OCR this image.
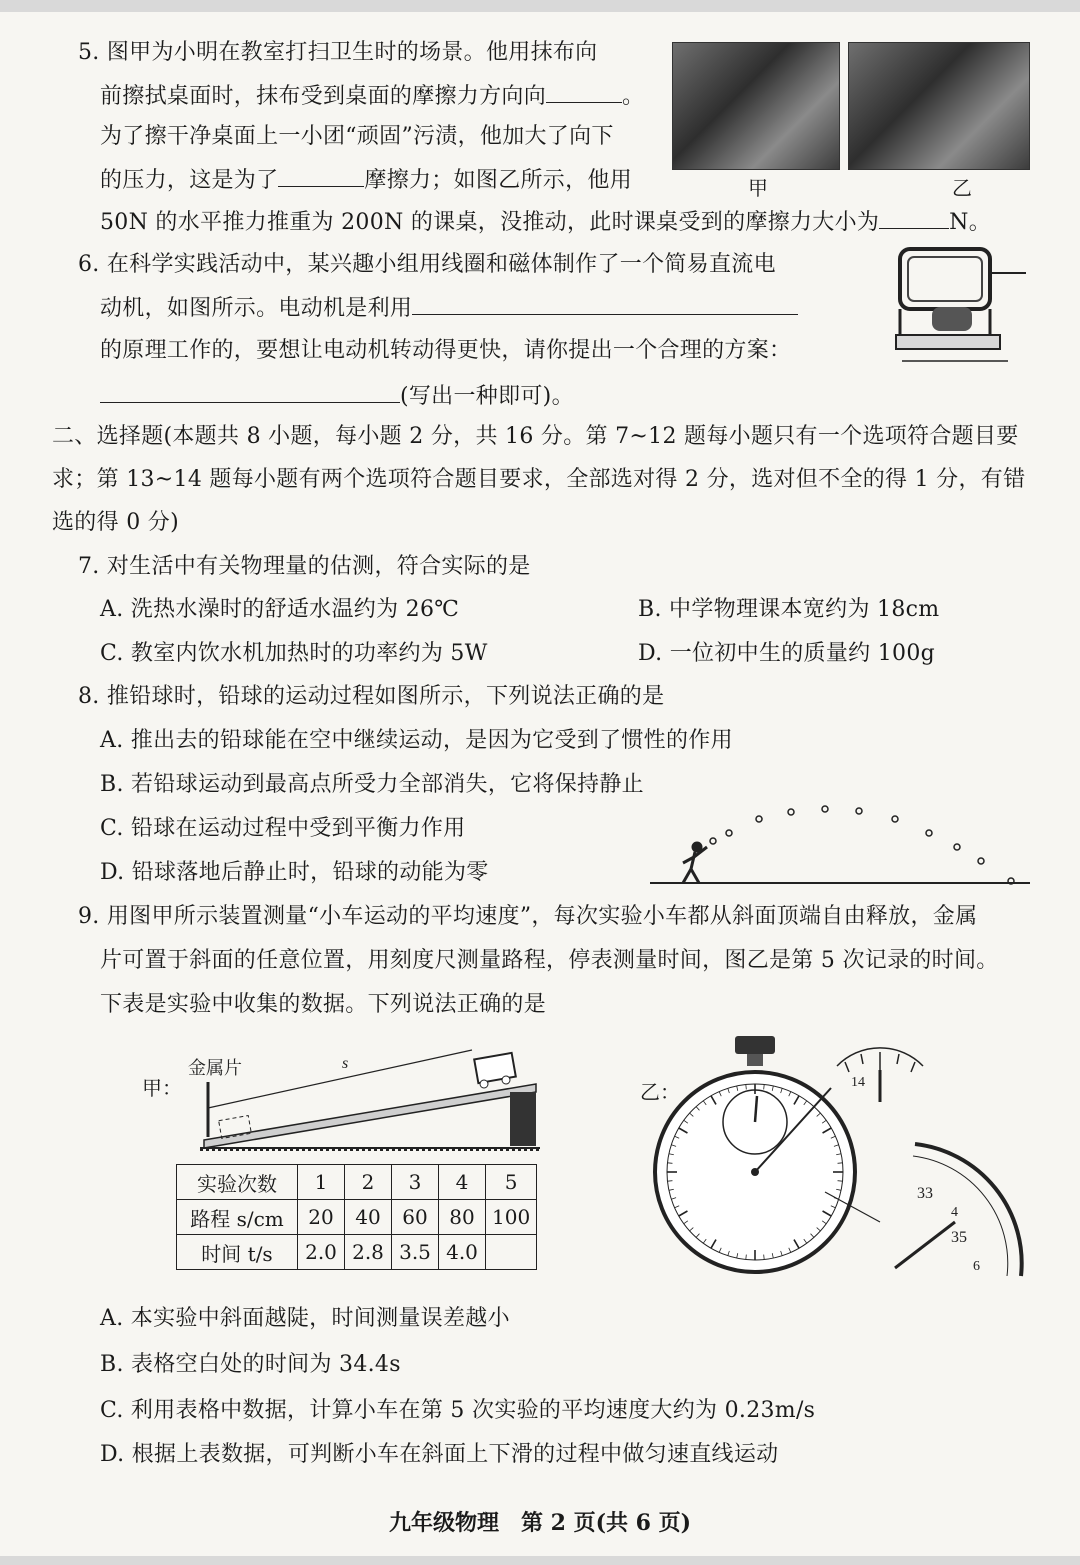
5. 图甲为小明在教室打扫卫生时的场景。他用抹布向
前擦拭桌面时，抹布受到桌面的摩擦力方向向	。
为了擦干净桌面上一小团“顽固”污渍，他加大了向下
的压力，这是为了	摩擦力；如图乙所示，他用
50N 的水平推力推重为 200N 的课桌，没推动，此时课桌受到的摩擦力大小为	N。
甲	乙
6. 在科学实践活动中，某兴趣小组用线圈和磁体制作了一个简易直流电
动机，如图所示。电动机是利用
的原理工作的，要想让电动机转动得更快，请你提出一个合理的方案：
(写出一种即可)。
二、选择题(本题共 8 小题，每小题 2 分，共 16 分。第 7~12 题每小题只有一个选项符合题目要
求；第 13~14 题每小题有两个选项符合题目要求，全部选对得 2 分，选对但不全的得 1 分，有错
选的得 0 分)
7. 对生活中有关物理量的估测，符合实际的是
A. 洗热水澡时的舒适水温约为 26℃	B. 中学物理课本宽约为 18cm
C. 教室内饮水机加热时的功率约为 5W	D. 一位初中生的质量约 100g
8. 推铅球时，铅球的运动过程如图所示，下列说法正确的是
A. 推出去的铅球能在空中继续运动，是因为它受到了惯性的作用
B. 若铅球运动到最高点所受力全部消失，它将保持静止
C. 铅球在运动过程中受到平衡力作用
D. 铅球落地后静止时，铅球的动能为零
9. 用图甲所示装置测量“小车运动的平均速度”，每次实验小车都从斜面顶端自由释放，金属
片可置于斜面的任意位置，用刻度尺测量路程，停表测量时间，图乙是第 5 次记录的时间。
下表是实验中收集的数据。下列说法正确的是
甲：
金属片	s
实验次数	1	2	3	4	5
路程 s/cm	20	40	60	80	100
时间 t/s	2.0	2.8	3.5	4.0	
乙：	14
33
4
35
6
A. 本实验中斜面越陡，时间测量误差越小
B. 表格空白处的时间为 34.4s
C. 利用表格中数据，计算小车在第 5 次实验的平均速度大约为 0.23m/s
D. 根据上表数据，可判断小车在斜面上下滑的过程中做匀速直线运动
九年级物理　第 2 页(共 6 页)
